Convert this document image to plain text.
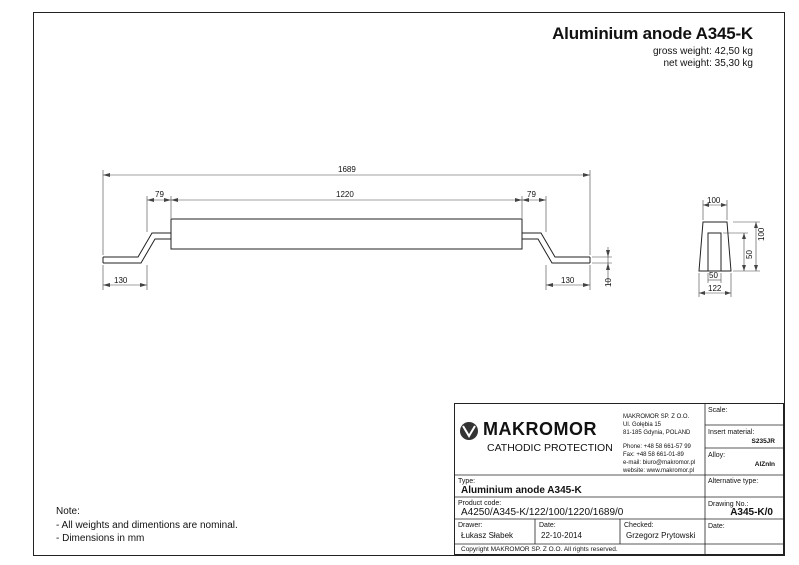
Aluminium anode A345-K
gross weight: 42,50 kg
net weight: 35,30 kg
1689
79	1220	79
130	130	10
100
100
50
50
122
Note:
- All weights and dimentions are nominal.
- Dimensions in mm
MAKROMOR
CATHODIC PROTECTION
MAKROMOR SP. Z O.O.
Ul. Gołębia 15
81-185 Gdynia, POLAND
Phone: +48 58 661-57 99
Fax: +48 58 661-01-89
e-mail: biuro@makromor.pl
website: www.makromor.pl
Scale:
Insert material:
S235JR
Alloy:
AlZnIn
Alternative type:
Drawing No.:
A345-K/0
Date:
Type:
Aluminium anode A345-K
Product code:
A4250/A345-K/122/100/1220/1689/0
Drawer:
Łukasz Słabek
Date:
22-10-2014
Checked:
Grzegorz Prytowski
Copyright MAKROMOR SP. Z O.O. All rights reserved.
